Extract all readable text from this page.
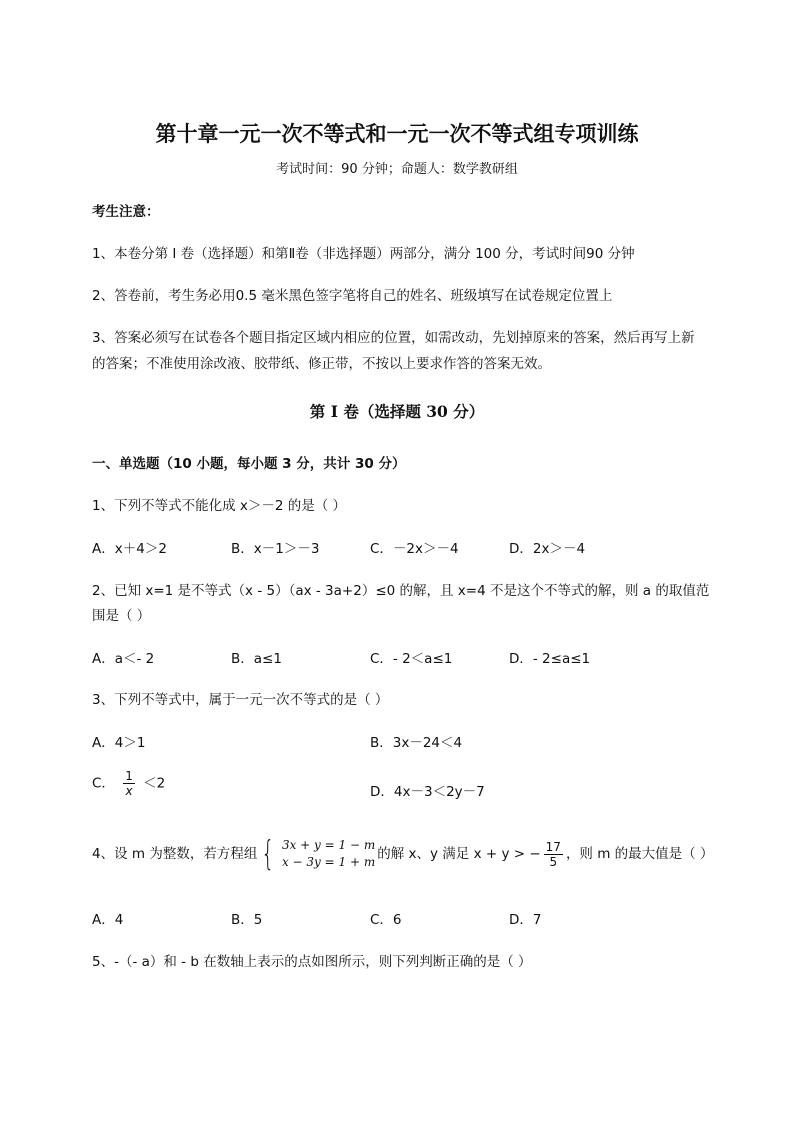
第十章一元一次不等式和一元一次不等式组专项训练
考试时间：90 分钟；命题人：数学教研组
考生注意：
1、本卷分第 I 卷（选择题）和第Ⅱ卷（非选择题）两部分，满分 100 分，考试时间90 分钟
2、答卷前，考生务必用0.5 毫米黑色签字笔将自己的姓名、班级填写在试卷规定位置上
3、答案必须写在试卷各个题目指定区域内相应的位置，如需改动，先划掉原来的答案，然后再写上新
的答案；不准使用涂改液、胶带纸、修正带，不按以上要求作答的答案无效。
第 I 卷（选择题 30 分）
一、单选题（10 小题，每小题 3 分，共计 30 分）
1、下列不等式不能化成 x＞－2 的是（ ）
A．x＋4＞2	B．x－1＞－3	C．－2x＞－4	D．2x＞－4
2、已知 x=1 是不等式（x - 5）（ax - 3a+2）≤0 的解，且 x=4 不是这个不等式的解，则 a 的取值范
围是（ ）
A．a＜- 2	B．a≤1	C．- 2＜a≤1	D．- 2≤a≤1
3、下列不等式中，属于一元一次不等式的是（ ）
A．4＞1	B．3x－24＜4
C． $\frac{1}{x} <2$
D．4x－3＜2y－7
4、设 m 为整数，若方程组 { 3x + y = 1 − m
x − 3y = 1 + m 的解 x、y 满足 x + y > − $\frac{17}{5}$ ，则 m 的最大值是（ ）
A．4	B．5	C．6	D．7
5、-（- a）和 - b 在数轴上表示的点如图所示，则下列判断正确的是（ ）
